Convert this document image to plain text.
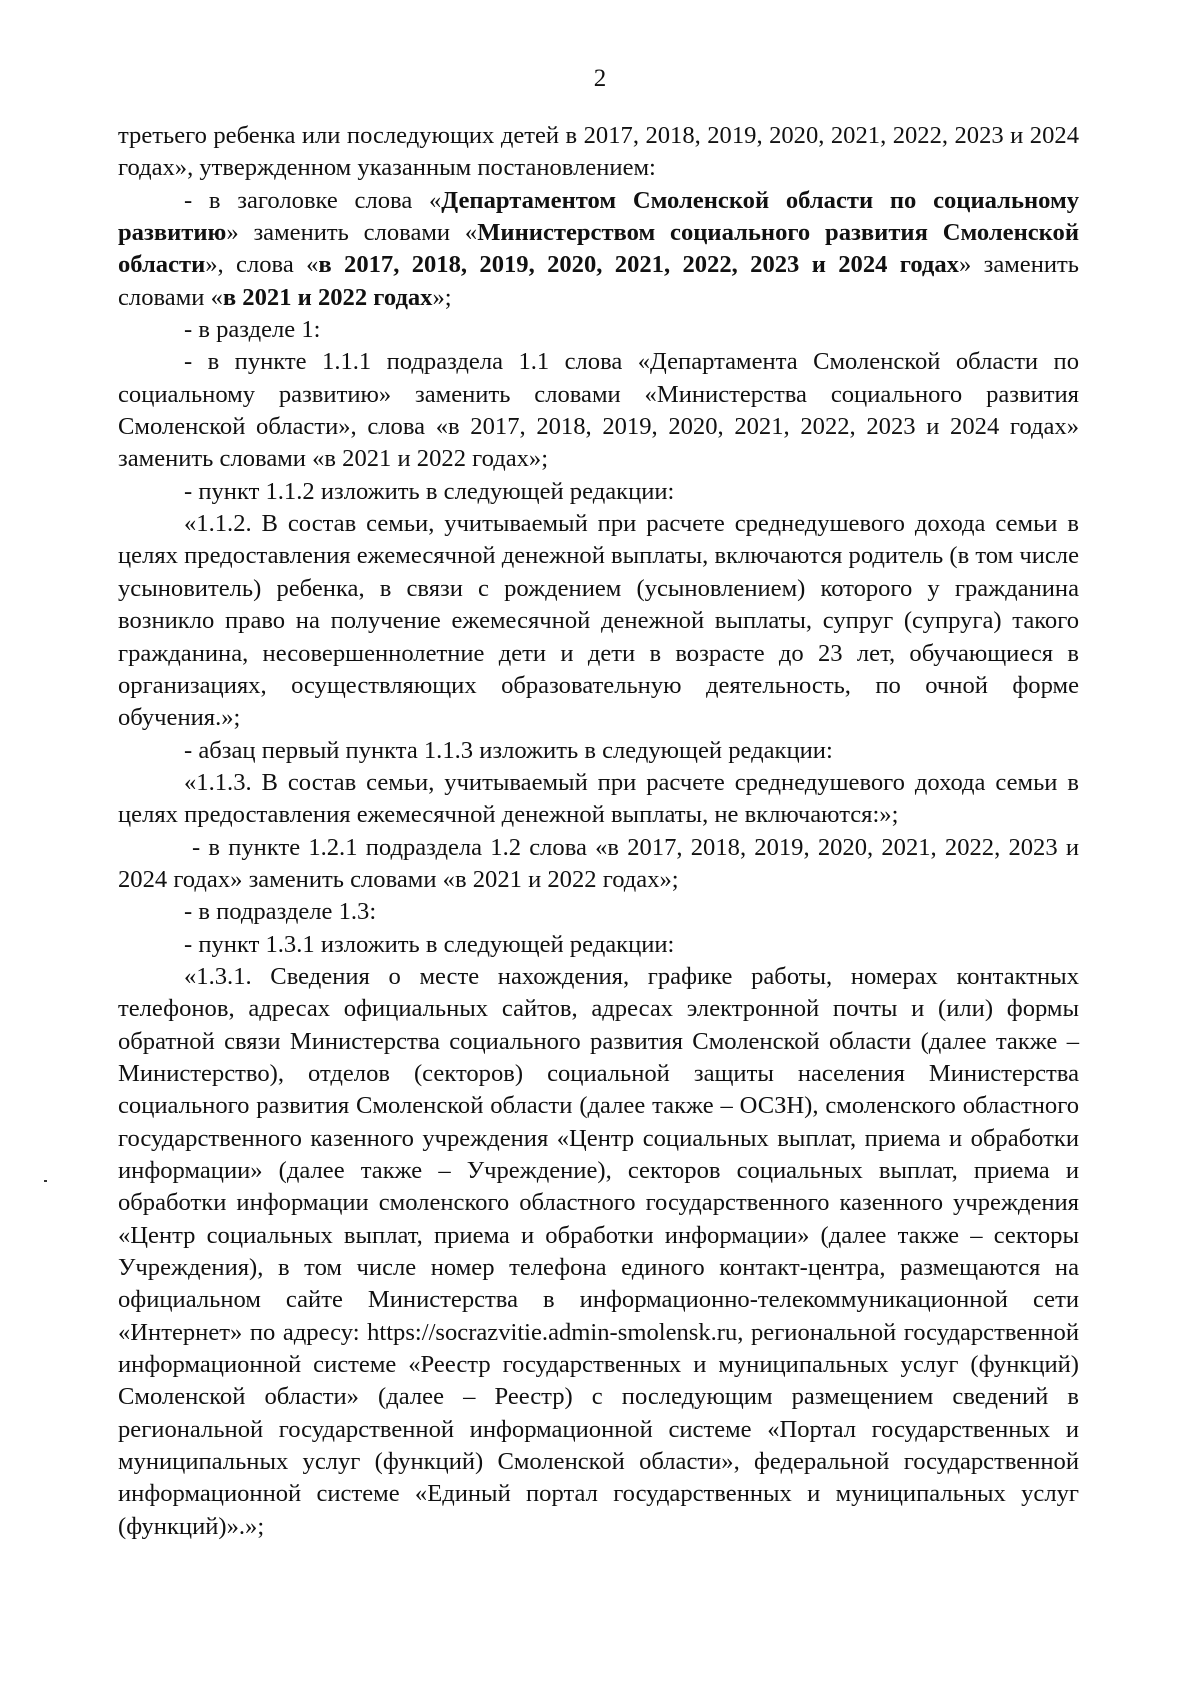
2

третьего ребенка или последующих детей в 2017, 2018, 2019, 2020, 2021, 2022, 2023 и 2024 годах», утвержденном указанным постановлением:

- в заголовке слова «Департаментом Смоленской области по социальному развитию» заменить словами «Министерством социального развития Смоленской области», слова «в 2017, 2018, 2019, 2020, 2021, 2022, 2023 и 2024 годах» заменить словами «в 2021 и 2022 годах»;

- в разделе 1:

- в пункте 1.1.1 подраздела 1.1 слова «Департамента Смоленской области по социальному развитию» заменить словами «Министерства социального развития Смоленской области», слова «в 2017, 2018, 2019, 2020, 2021, 2022, 2023 и 2024 годах» заменить словами «в 2021 и 2022 годах»;

- пункт 1.1.2 изложить в следующей редакции:

«1.1.2. В состав семьи, учитываемый при расчете среднедушевого дохода семьи в целях предоставления ежемесячной денежной выплаты, включаются родитель (в том числе усыновитель) ребенка, в связи с рождением (усыновлением) которого у гражданина возникло право на получение ежемесячной денежной выплаты, супруг (супруга) такого гражданина, несовершеннолетние дети и дети в возрасте до 23 лет, обучающиеся в организациях, осуществляющих образовательную деятельность, по очной форме обучения.»;

- абзац первый пункта 1.1.3 изложить в следующей редакции:

«1.1.3. В состав семьи, учитываемый при расчете среднедушевого дохода семьи в целях предоставления ежемесячной денежной выплаты, не включаются:»;

- в пункте 1.2.1 подраздела 1.2 слова «в 2017, 2018, 2019, 2020, 2021, 2022, 2023 и 2024 годах» заменить словами «в 2021 и 2022 годах»;

- в подразделе 1.3:

- пункт 1.3.1 изложить в следующей редакции:

«1.3.1. Сведения о месте нахождения, графике работы, номерах контактных телефонов, адресах официальных сайтов, адресах электронной почты и (или) формы обратной связи Министерства социального развития Смоленской области (далее также – Министерство), отделов (секторов) социальной защиты населения Министерства социального развития Смоленской области (далее также – ОСЗН), смоленского областного государственного казенного учреждения «Центр социальных выплат, приема и обработки информации» (далее также – Учреждение), секторов социальных выплат, приема и обработки информации смоленского областного государственного казенного учреждения «Центр социальных выплат, приема и обработки информации» (далее также – секторы Учреждения), в том числе номер телефона единого контакт-центра, размещаются на официальном сайте Министерства в информационно-телекоммуникационной сети «Интернет» по адресу: https://socrazvitie.admin-smolensk.ru, региональной государственной информационной системе «Реестр государственных и муниципальных услуг (функций) Смоленской области» (далее – Реестр) с последующим размещением сведений в региональной государственной информационной системе «Портал государственных и муниципальных услуг (функций) Смоленской области», федеральной государственной информационной системе «Единый портал государственных и муниципальных услуг (функций)».»;
